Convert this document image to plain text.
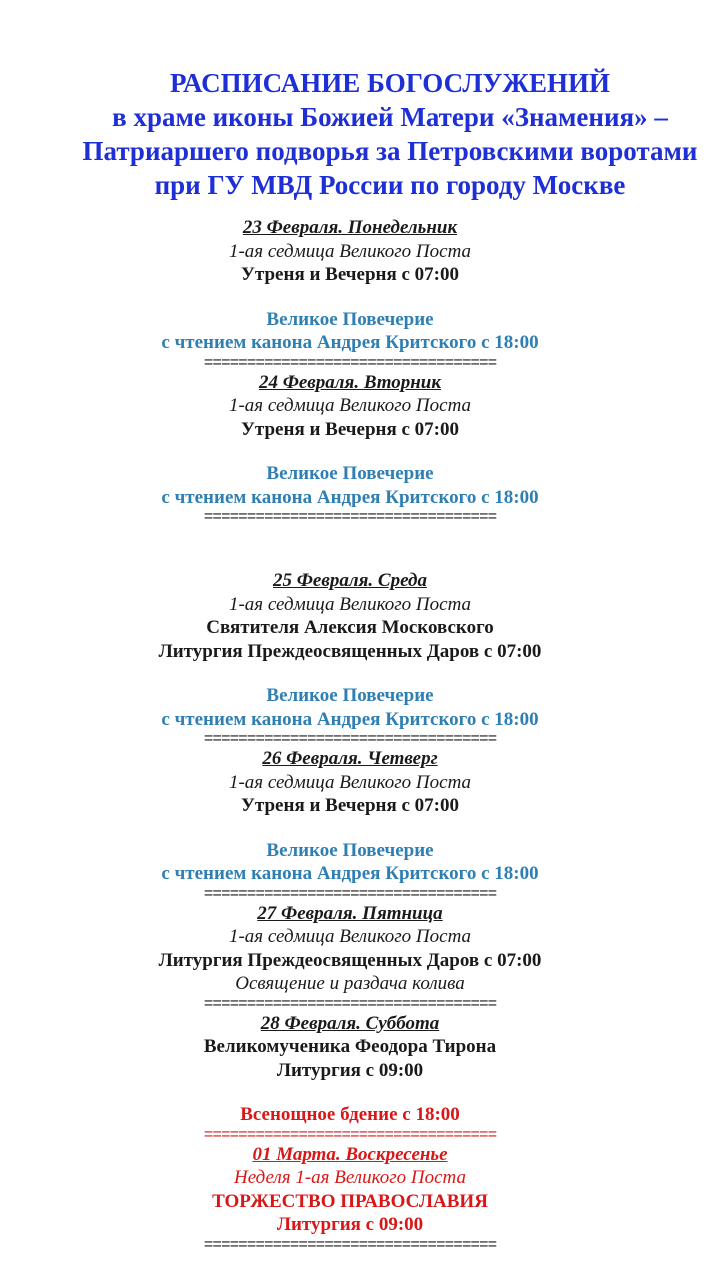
РАСПИСАНИЕ БОГОСЛУЖЕНИЙ
в храме иконы Божией Матери «Знамения» –
Патриаршего подворья за Петровскими воротами
при ГУ МВД России по городу Москве
23 Февраля. Понедельник
1-ая седмица Великого Поста
Утреня и Вечерня с 07:00
Великое Повечерие
с чтением канона Андрея Критского с 18:00
==================================
24 Февраля. Вторник
1-ая седмица Великого Поста
Утреня и Вечерня с 07:00
Великое Повечерие
с чтением канона Андрея Критского с 18:00
==================================
25 Февраля. Среда
1-ая седмица Великого Поста
Святителя Алексия Московского
Литургия Преждеосвященных Даров с 07:00
Великое Повечерие
с чтением канона Андрея Критского с 18:00
==================================
26 Февраля. Четверг
1-ая седмица Великого Поста
Утреня и Вечерня с 07:00
Великое Повечерие
с чтением канона Андрея Критского с 18:00
==================================
27 Февраля. Пятница
1-ая седмица Великого Поста
Литургия Преждеосвященных Даров с 07:00
Освящение и раздача колива
==================================
28 Февраля. Суббота
Великомученика Феодора Тирона
Литургия с 09:00
Всенощное бдение с 18:00
==================================
01 Марта. Воскресенье
Неделя 1-ая Великого Поста
ТОРЖЕСТВО ПРАВОСЛАВИЯ
Литургия с 09:00
==================================
